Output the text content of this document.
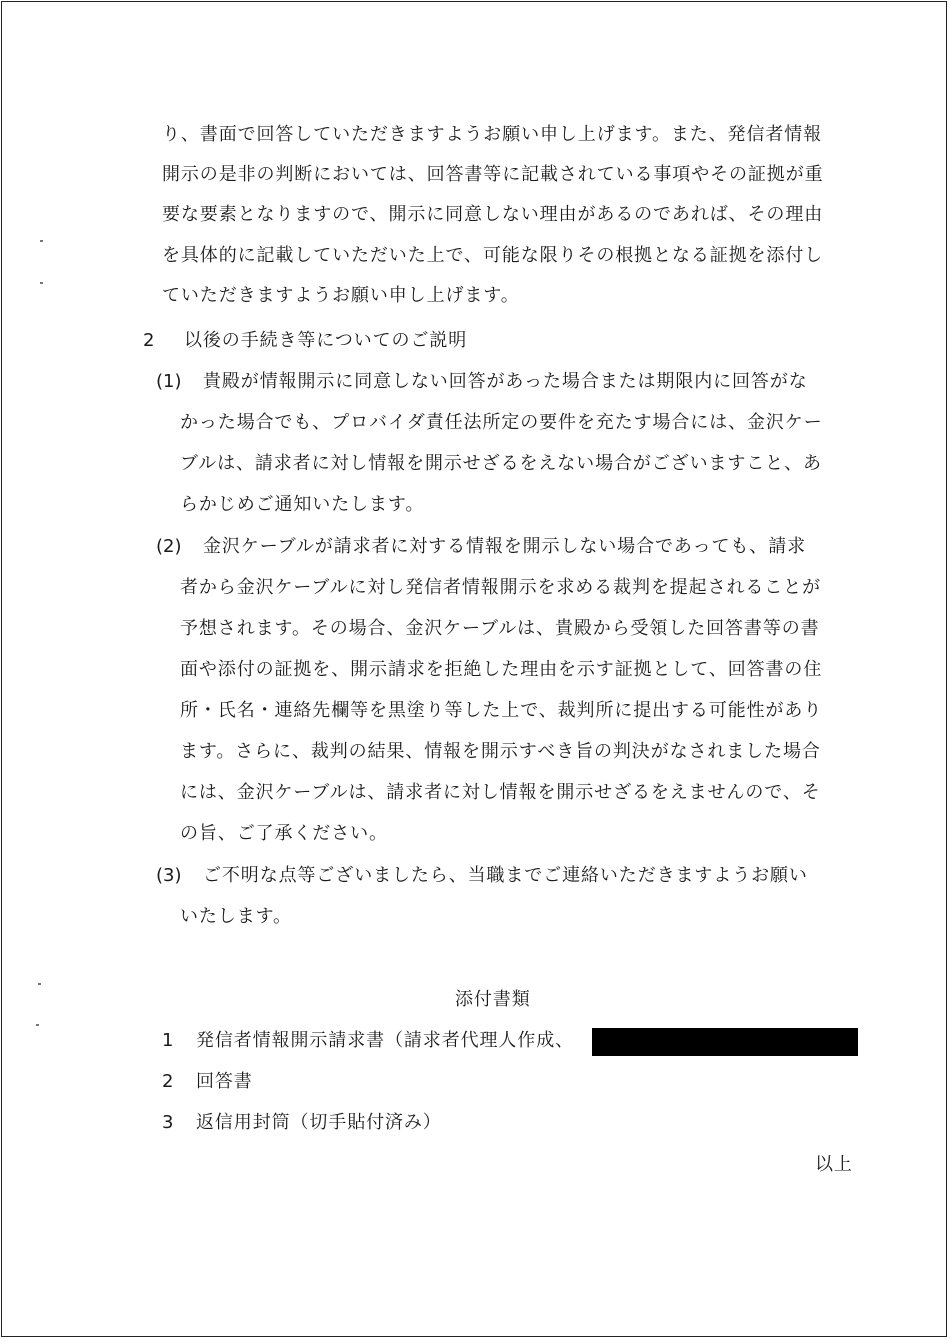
り、書面で回答していただきますようお願い申し上げます。また、発信者情報
開示の是非の判断においては、回答書等に記載されている事項やその証拠が重
要な要素となりますので、開示に同意しない理由があるのであれば、その理由
を具体的に記載していただいた上で、可能な限りその根拠となる証拠を添付し
ていただきますようお願い申し上げます。
2 以後の手続き等についてのご説明
(1) 貴殿が情報開示に同意しない回答があった場合または期限内に回答がな
かった場合でも、プロバイダ責任法所定の要件を充たす場合には、金沢ケー
ブルは、請求者に対し情報を開示せざるをえない場合がございますこと、あ
らかじめご通知いたします。
(2) 金沢ケーブルが請求者に対する情報を開示しない場合であっても、請求
者から金沢ケーブルに対し発信者情報開示を求める裁判を提起されることが
予想されます。その場合、金沢ケーブルは、貴殿から受領した回答書等の書
面や添付の証拠を、開示請求を拒絶した理由を示す証拠として、回答書の住
所・氏名・連絡先欄等を黒塗り等した上で、裁判所に提出する可能性があり
ます。さらに、裁判の結果、情報を開示すべき旨の判決がなされました場合
には、金沢ケーブルは、請求者に対し情報を開示せざるをえませんので、そ
の旨、ご了承ください。
(3) ご不明な点等ございましたら、当職までご連絡いただきますようお願い
いたします。
添付書類
1 発信者情報開示請求書（請求者代理人作成、
2 回答書
3 返信用封筒（切手貼付済み）
以上
